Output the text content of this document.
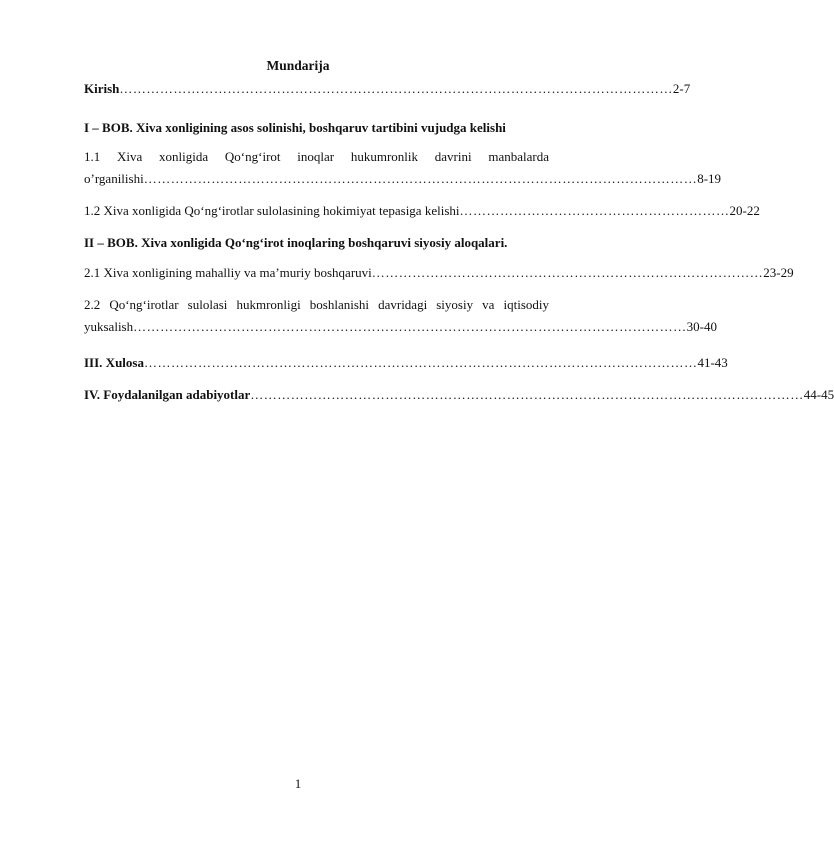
Mundarija
Kirish …………………………………………………………………………………………………………… 2-7
I – BOB. Xiva xonligining asos solinishi, boshqaruv tartibini vujudga kelishi
1.1 Xiva xonligida Qo‘ng‘irot inoqlar hukumronlik davrini manbalarda
o’rganilishi …………………………………………………………………………………………………………… 8-19
1.2 Xiva xonligida Qo‘ng‘irotlar sulolasining hokimiyat tepasiga kelishi …………………………………………………… 20-22
II – BOB. Xiva xonligida Qo‘ng‘irot inoqlaring boshqaruvi siyosiy aloqalari.
2.1 Xiva xonligining mahalliy va ma’muriy boshqaruvi …………………………………………………………………………… 23-29
2.2 Qo‘ng‘irotlar sulolasi hukmronligi boshlanishi davridagi siyosiy va iqtisodiy
yuksalish …………………………………………………………………………………………………………… 30-40
III. Xulosa …………………………………………………………………………………………………………… 41-43
IV. Foydalanilgan adabiyotlar …………………………………………………………………………………………………………… 44-45
1
